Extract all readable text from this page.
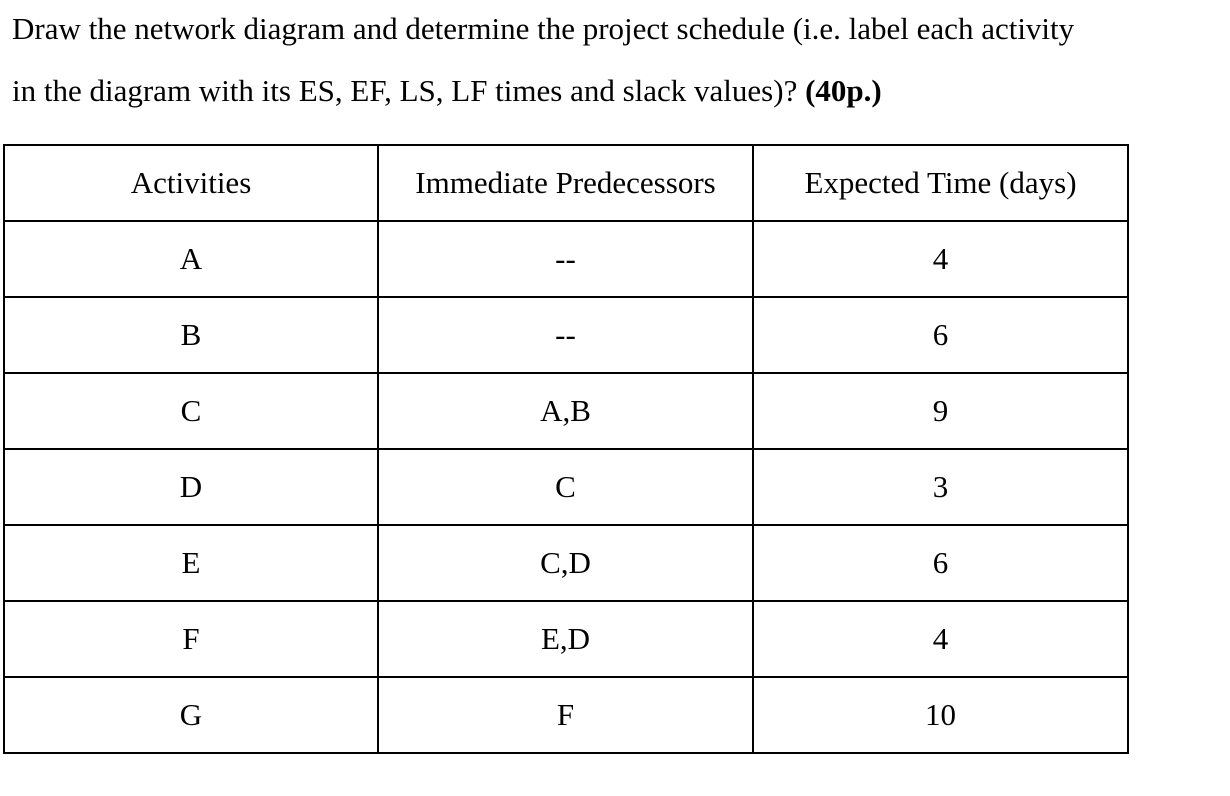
Draw the network diagram and determine the project schedule (i.e. label each activity
in the diagram with its ES, EF, LS, LF times and slack values)? (40p.)
Activities	Immediate Predecessors	Expected Time (days)
A	--	4
B	--	6
C	A,B	9
D	C	3
E	C,D	6
F	E,D	4
G	F	10
